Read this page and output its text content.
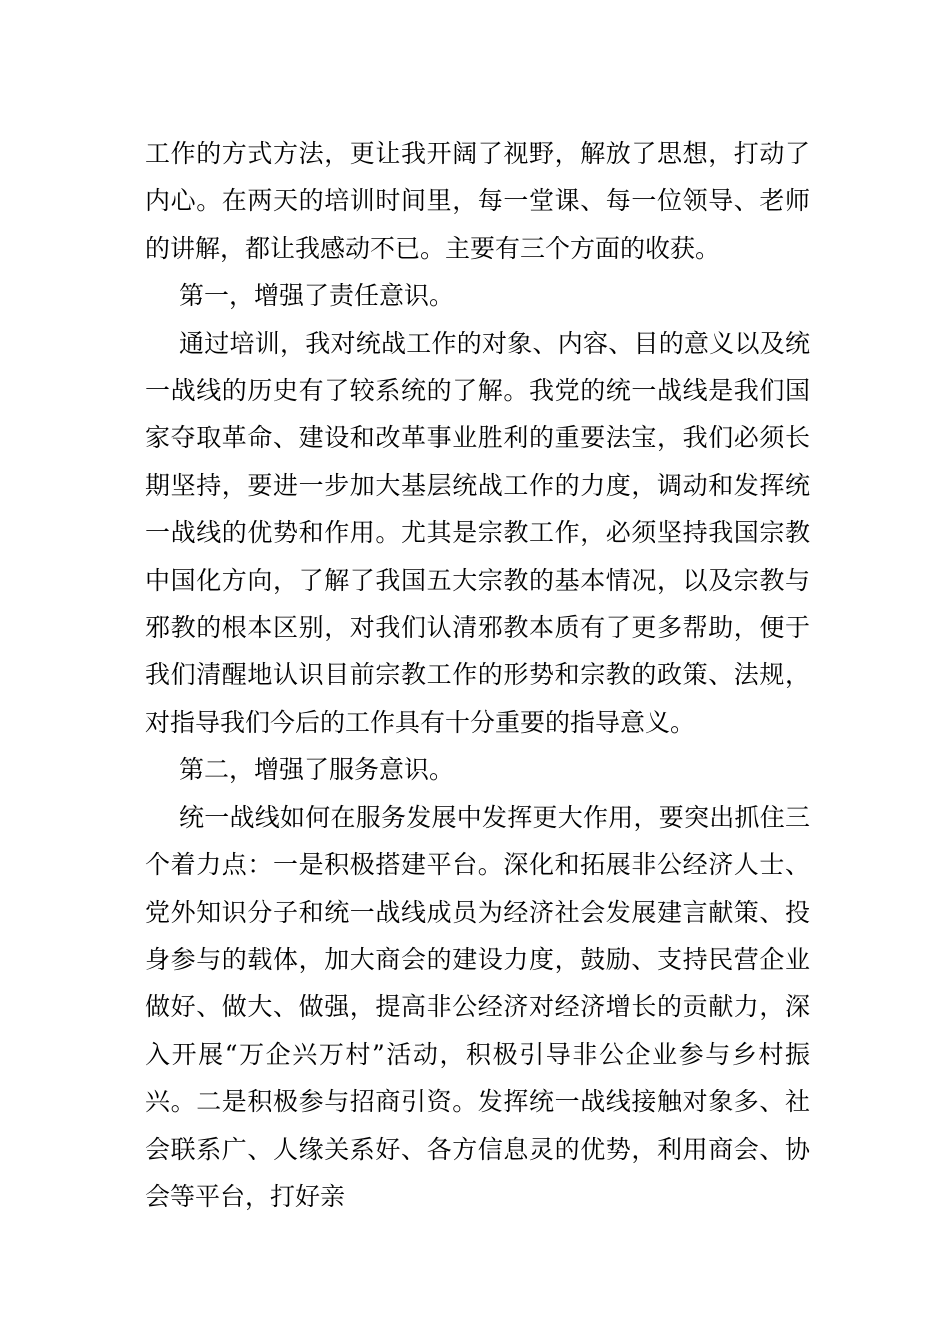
工作的方式方法，更让我开阔了视野，解放了思想，打动了内心。在两天的培训时间里，每一堂课、每一位领导、老师的讲解，都让我感动不已。主要有三个方面的收获。

第一，增强了责任意识。

通过培训，我对统战工作的对象、内容、目的意义以及统一战线的历史有了较系统的了解。我党的统一战线是我们国家夺取革命、建设和改革事业胜利的重要法宝，我们必须长期坚持，要进一步加大基层统战工作的力度，调动和发挥统一战线的优势和作用。尤其是宗教工作，必须坚持我国宗教中国化方向，了解了我国五大宗教的基本情况，以及宗教与邪教的根本区别，对我们认清邪教本质有了更多帮助，便于我们清醒地认识目前宗教工作的形势和宗教的政策、法规，对指导我们今后的工作具有十分重要的指导意义。

第二，增强了服务意识。

统一战线如何在服务发展中发挥更大作用，要突出抓住三个着力点：一是积极搭建平台。深化和拓展非公经济人士、党外知识分子和统一战线成员为经济社会发展建言献策、投身参与的载体，加大商会的建设力度，鼓励、支持民营企业做好、做大、做强，提高非公经济对经济增长的贡献力，深入开展“万企兴万村”活动，积极引导非公企业参与乡村振兴。二是积极参与招商引资。发挥统一战线接触对象多、社会联系广、人缘关系好、各方信息灵的优势，利用商会、协会等平台，打好亲
